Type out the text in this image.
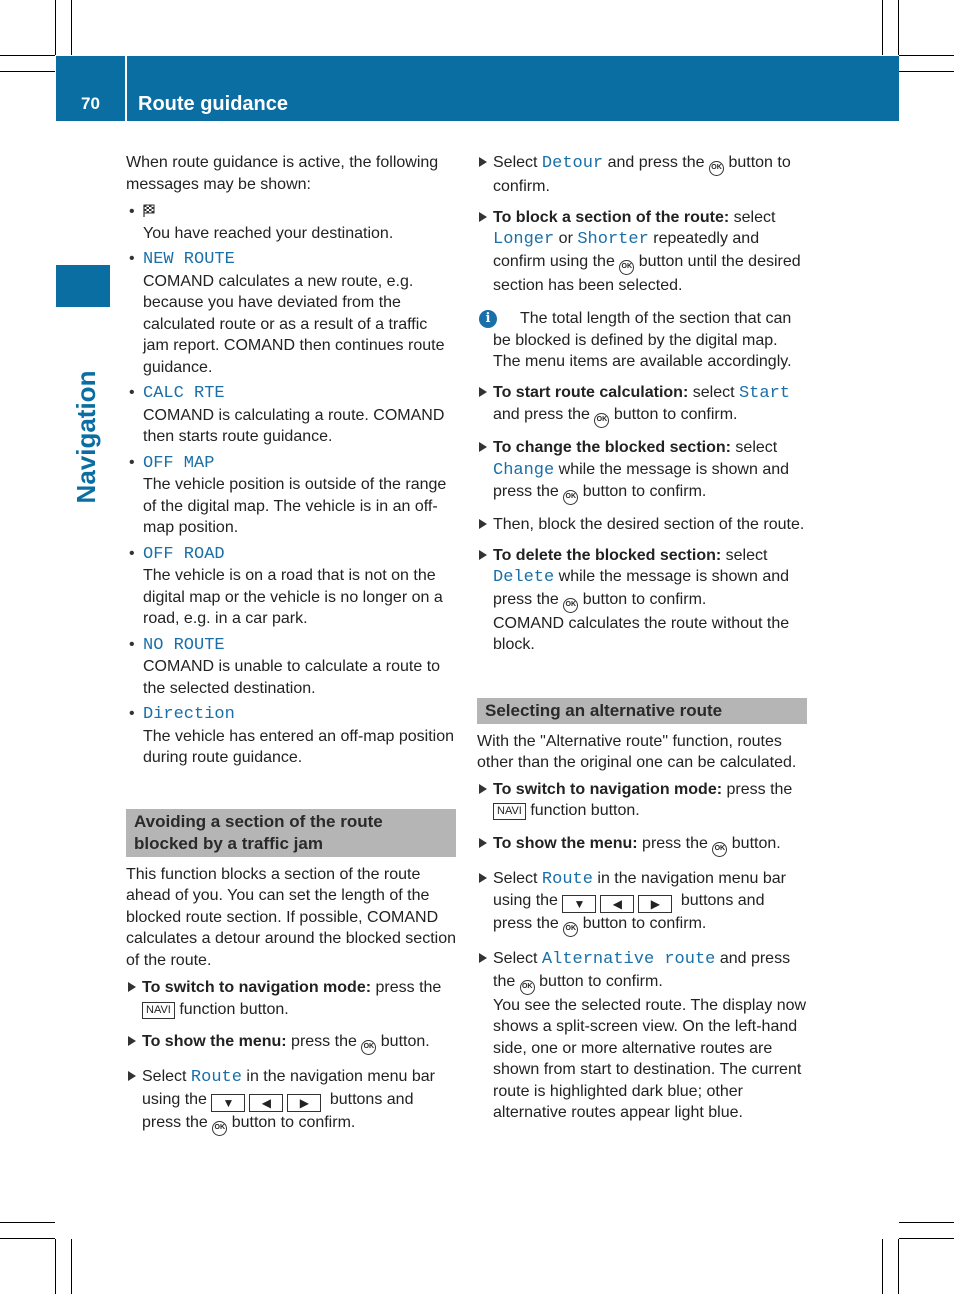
70	Route guidance
Navigation

When route guidance is active, the following messages may be shown:

• You have reached your destination.
• NEW ROUTE
COMAND calculates a new route, e.g. because you have deviated from the calculated route or as a result of a traffic jam report. COMAND then continues route guidance.
• CALC RTE
COMAND is calculating a route. COMAND then starts route guidance.
• OFF MAP
The vehicle position is outside of the range of the digital map. The vehicle is in an off-map position.
• OFF ROAD
The vehicle is on a road that is not on the digital map or the vehicle is no longer on a road, e.g. in a car park.
• NO ROUTE
COMAND is unable to calculate a route to the selected destination.
• Direction
The vehicle has entered an off-map position during route guidance.
Avoiding a section of the route blocked by a traffic jam

This function blocks a section of the route ahead of you. You can set the length of the blocked route section. If possible, COMAND calculates a detour around the blocked section of the route.

To switch to navigation mode: press the NAVI function button.
To show the menu: press the OK button.
Select Route in the navigation menu bar using the ▼ ◀ ▶ buttons and press the OK button to confirm.
Select Detour and press the OK button to confirm.
To block a section of the route: select Longer or Shorter repeatedly and confirm using the OK button until the desired section has been selected.
i	The total length of the section that can be blocked is defined by the digital map. The menu items are available accordingly.
To start route calculation: select Start and press the OK button to confirm.
To change the blocked section: select Change while the message is shown and press the OK button to confirm.
Then, block the desired section of the route.
To delete the blocked section: select Delete while the message is shown and press the OK button to confirm.
COMAND calculates the route without the block.
Selecting an alternative route

With the "Alternative route" function, routes other than the original one can be calculated.

To switch to navigation mode: press the NAVI function button.
To show the menu: press the OK button.
Select Route in the navigation menu bar using the ▼ ◀ ▶ buttons and press the OK button to confirm.
Select Alternative route and press the OK button to confirm.
You see the selected route. The display now shows a split-screen view. On the left-hand side, one or more alternative routes are shown from start to destination. The current route is highlighted dark blue; other alternative routes appear light blue.
